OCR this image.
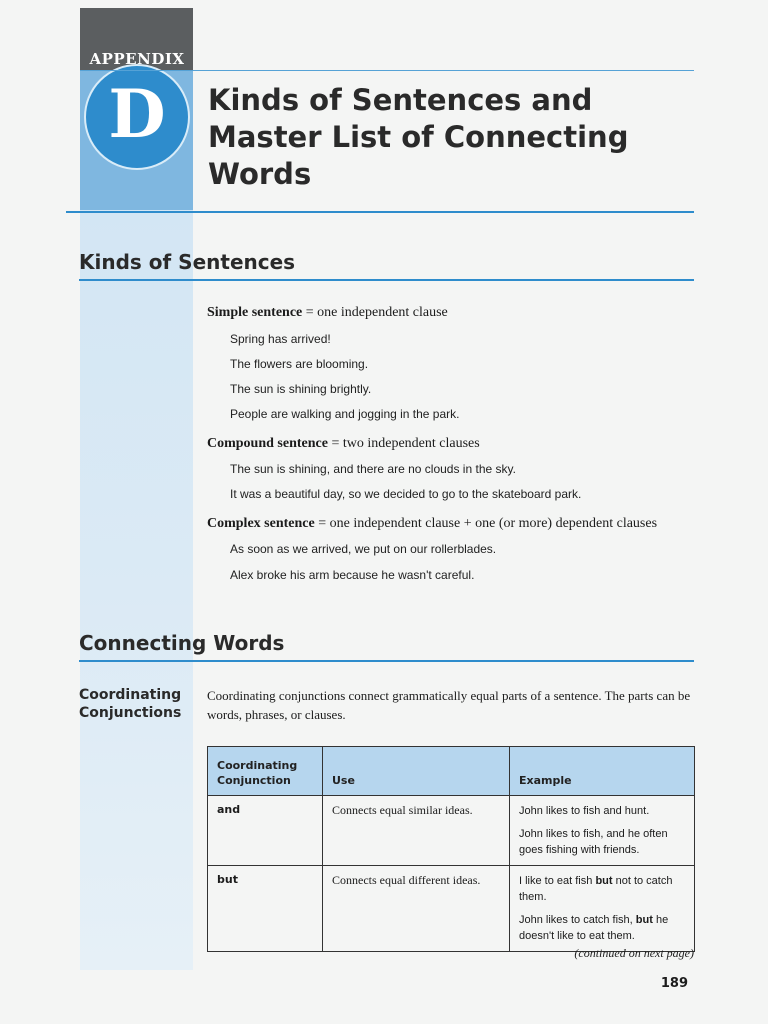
D
APPENDIX
Kinds of Sentences and Master List of Connecting Words
Kinds of Sentences
Simple sentence = one independent clause
Spring has arrived!
The flowers are blooming.
The sun is shining brightly.
People are walking and jogging in the park.
Compound sentence = two independent clauses
The sun is shining, and there are no clouds in the sky.
It was a beautiful day, so we decided to go to the skateboard park.
Complex sentence = one independent clause + one (or more) dependent clauses
As soon as we arrived, we put on our rollerblades.
Alex broke his arm because he wasn't careful.
Connecting Words
Coordinating Conjunctions
Coordinating conjunctions connect grammatically equal parts of a sentence. The parts can be words, phrases, or clauses.
Coordinating Conjunction	Use	Example
and	Connects equal similar ideas.	John likes to fish and hunt.

John likes to fish, and he often goes fishing with friends.

but	Connects equal different ideas.	I like to eat fish but not to catch them.

John likes to catch fish, but he doesn't like to eat them.

(continued on next page)
189
